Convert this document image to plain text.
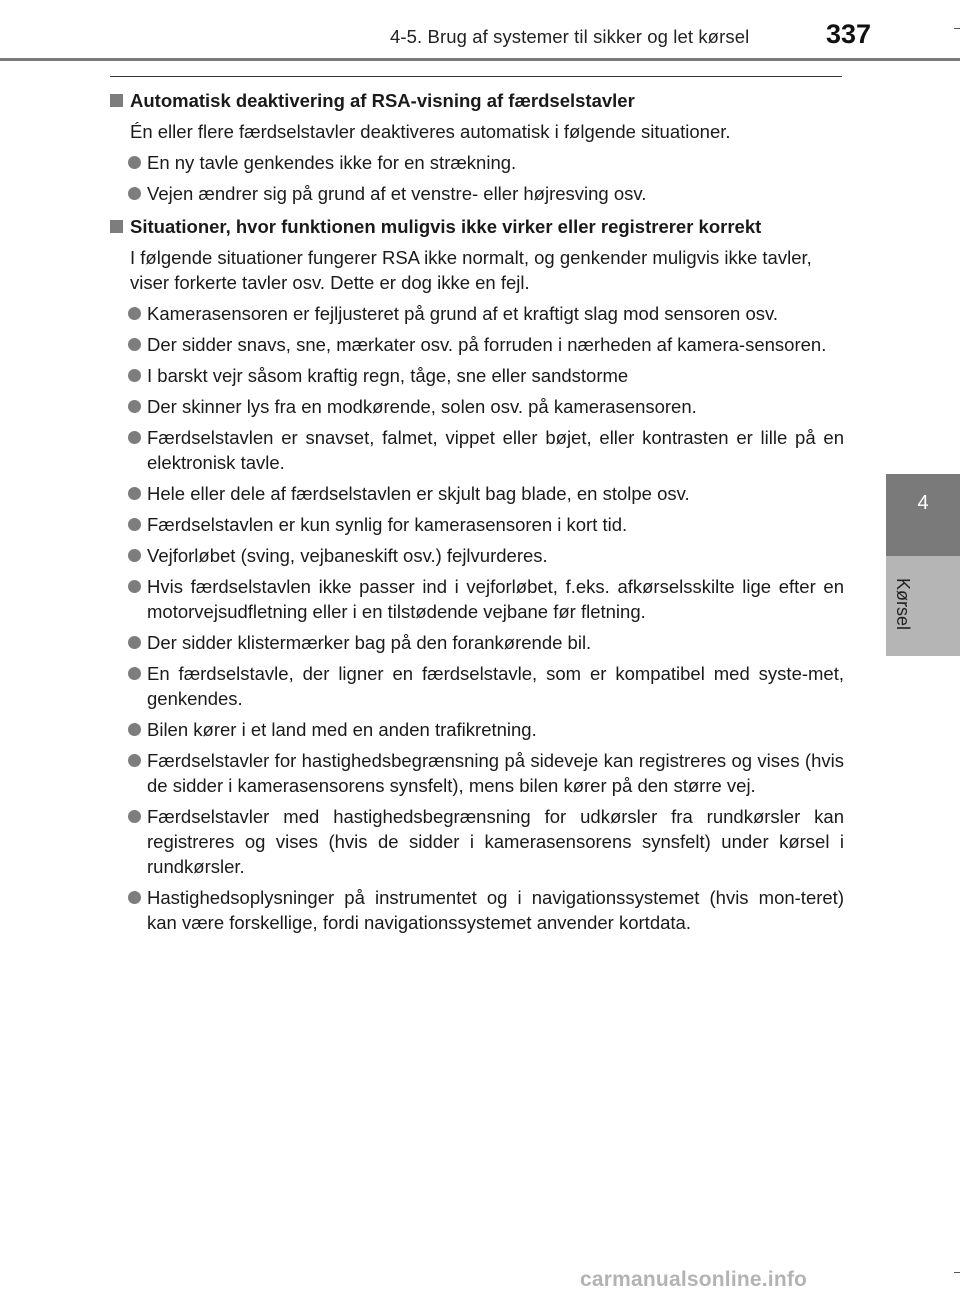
4-5. Brug af systemer til sikker og let kørsel	337
4
Kørsel
Automatisk deaktivering af RSA-visning af færdselstavler
Én eller flere færdselstavler deaktiveres automatisk i følgende situationer.
En ny tavle genkendes ikke for en strækning.
Vejen ændrer sig på grund af et venstre- eller højresving osv.
Situationer, hvor funktionen muligvis ikke virker eller registrerer korrekt
I følgende situationer fungerer RSA ikke normalt, og genkender muligvis ikke tavler, viser forkerte tavler osv. Dette er dog ikke en fejl.
Kamerasensoren er fejljusteret på grund af et kraftigt slag mod sensoren osv.
Der sidder snavs, sne, mærkater osv. på forruden i nærheden af kamera-sensoren.
I barskt vejr såsom kraftig regn, tåge, sne eller sandstorme
Der skinner lys fra en modkørende, solen osv. på kamerasensoren.
Færdselstavlen er snavset, falmet, vippet eller bøjet, eller kontrasten er lille på en elektronisk tavle.
Hele eller dele af færdselstavlen er skjult bag blade, en stolpe osv.
Færdselstavlen er kun synlig for kamerasensoren i kort tid.
Vejforløbet (sving, vejbaneskift osv.) fejlvurderes.
Hvis færdselstavlen ikke passer ind i vejforløbet, f.eks. afkørselsskilte lige efter en motorvejsudfletning eller i en tilstødende vejbane før fletning.
Der sidder klistermærker bag på den forankørende bil.
En færdselstavle, der ligner en færdselstavle, som er kompatibel med syste-met, genkendes.
Bilen kører i et land med en anden trafikretning.
Færdselstavler for hastighedsbegrænsning på sideveje kan registreres og vises (hvis de sidder i kamerasensorens synsfelt), mens bilen kører på den større vej.
Færdselstavler med hastighedsbegrænsning for udkørsler fra rundkørsler kan registreres og vises (hvis de sidder i kamerasensorens synsfelt) under kørsel i rundkørsler.
Hastighedsoplysninger på instrumentet og i navigationssystemet (hvis mon-teret) kan være forskellige, fordi navigationssystemet anvender kortdata.
carmanualsonline.info
